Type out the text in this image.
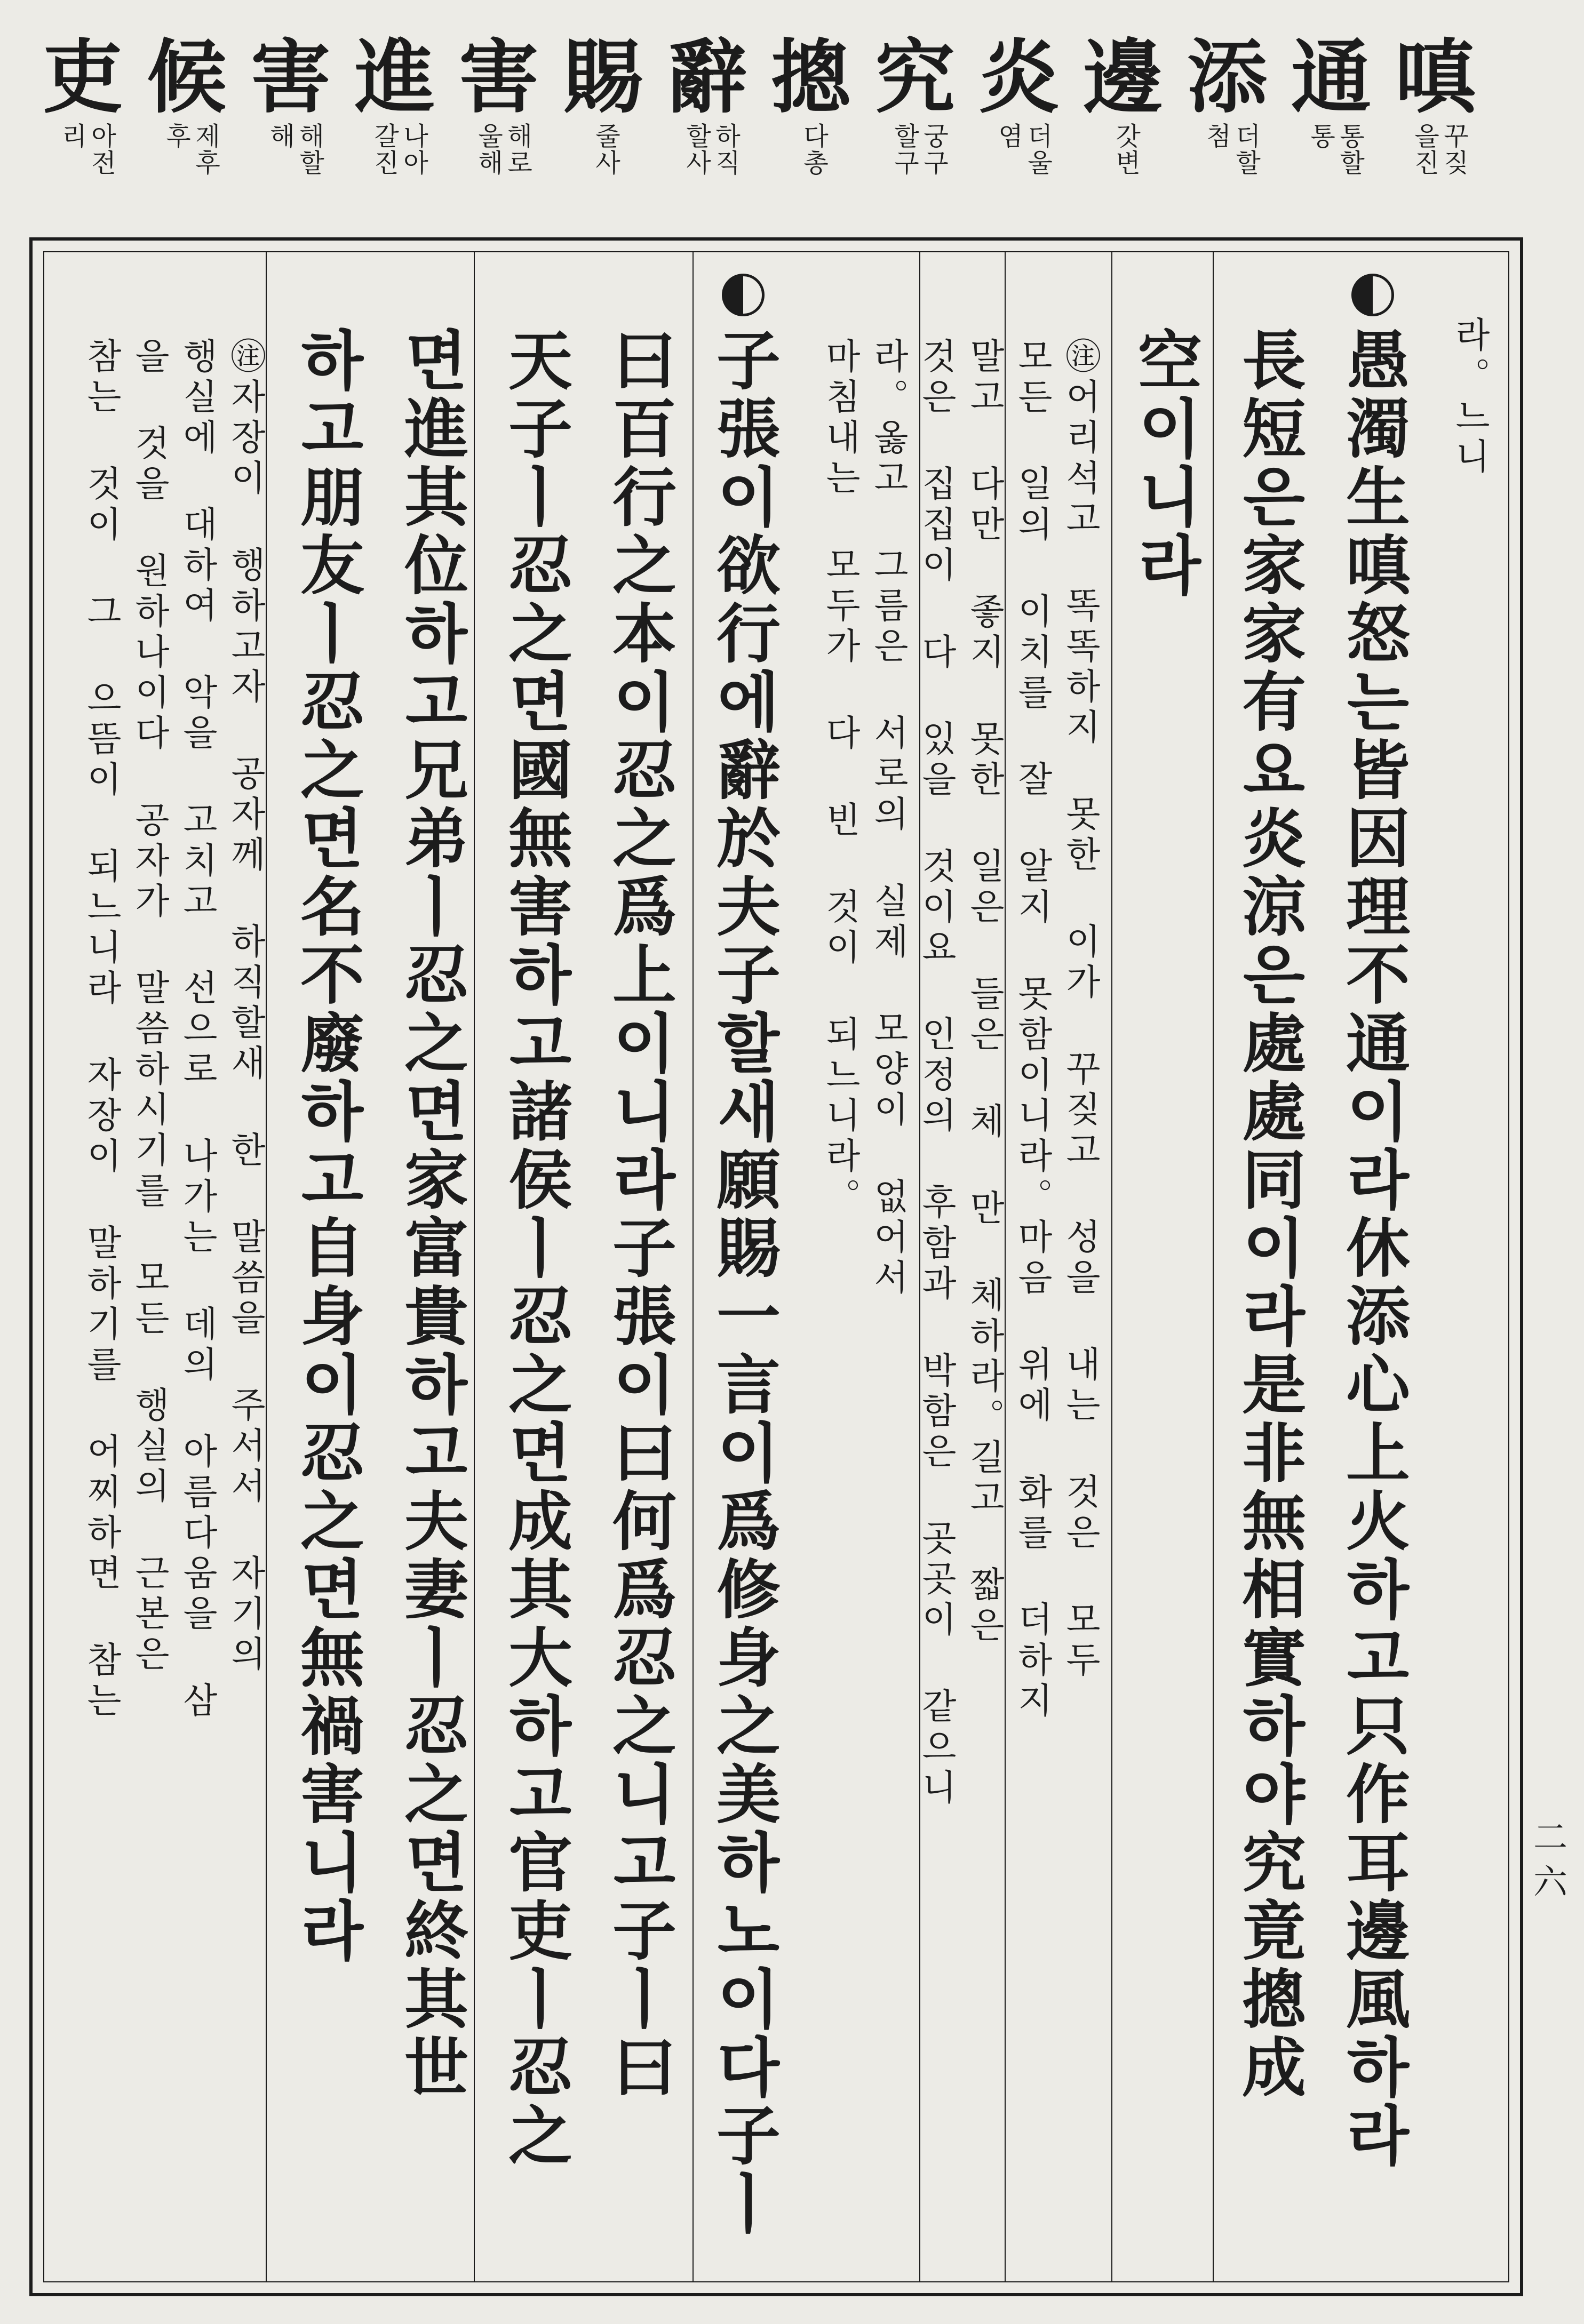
嗔
꾸짖
을진
通
통할
통
添
더할
첨
邊
갓변
炎
더울
염
究
궁구
할구
摠
다총
辭
하직
할사
賜
줄사
害
해로
울해
進
나아
갈진
害
해할
해
候
제후
후
吏
아전
리
라。느니
愚濁生嗔怒는皆因理不通이라休添心上火하고只作耳邊風하라
長短은家家有요炎涼은處處同이라是非無相實하야究竟摠成
空이니라
㊟어리석고 똑똑하지 못한 이가 꾸짖고 성을 내는 것은 모두
모든 일의 이치를 잘 알지 못함이니라。마음 위에 화를 더하지
말고 다만 좋지 못한 일은 들은 체 만 체하라。길고 짧은
것은 집집이 다 있을 것이요 인정의 후함과 박함은 곳곳이 같으니
라。옳고 그름은 서로의 실제 모양이 없어서
마침내는 모두가 다 빈 것이 되느니라。
子張이欲行에辭於夫子할새願賜一言이爲修身之美하노이다子ㅣ
曰百行之本이忍之爲上이니라子張이曰何爲忍之니고子ㅣ曰
天子ㅣ忍之면國無害하고諸侯ㅣ忍之면成其大하고官吏ㅣ忍之
면進其位하고兄弟ㅣ忍之면家富貴하고夫妻ㅣ忍之면終其世
하고朋友ㅣ忍之면名不廢하고自身이忍之면無禍害니라
㊟자장이 행하고자 공자께 하직할새 한 말씀을 주서서 자기의
행실에 대하여 악을 고치고 선으로 나가는 데의 아름다움을 삼
을 것을 원하나이다 공자가 말씀하시기를 모든 행실의 근본은
참는 것이 그 으뜸이 되느니라 자장이 말하기를 어찌하면 참는
二六
